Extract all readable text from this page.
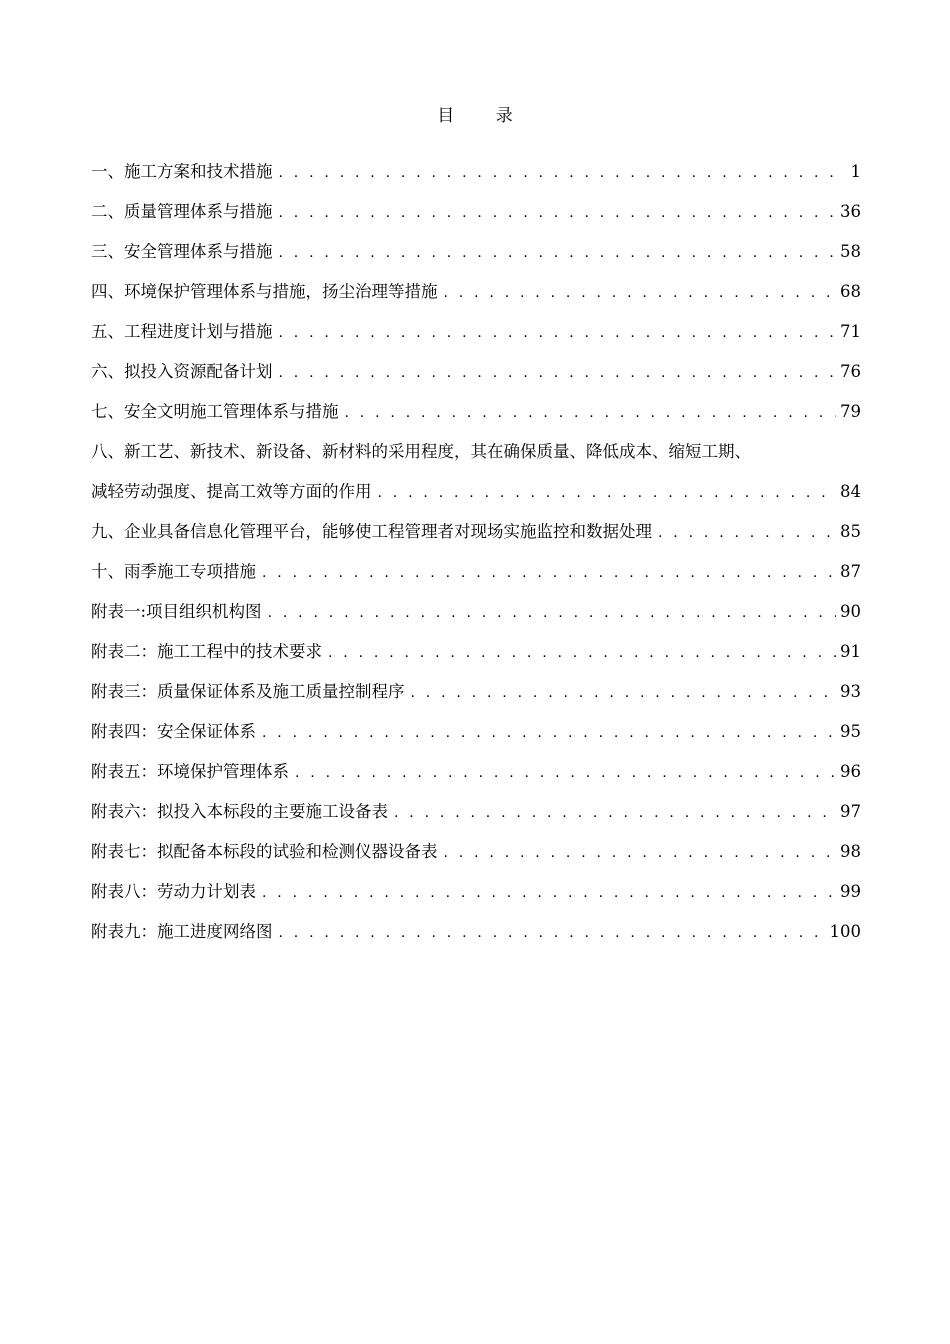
目 录
一、施工方案和技术措施 . . .	1
二、质量管理体系与措施 . . .	36
三、安全管理体系与措施 . . .	58
四、环境保护管理体系与措施，扬尘治理等措施 . . .	68
五、工程进度计划与措施 . . .	71
六、拟投入资源配备计划 . . .	76
七、安全文明施工管理体系与措施 . . .	79
八、新工艺、新技术、新设备、新材料的采用程度，其在确保质量、降低成本、缩短工期、
减轻劳动强度、提高工效等方面的作用 . . .	84
九、企业具备信息化管理平台，能够使工程管理者对现场实施监控和数据处理 . . .	85
十、雨季施工专项措施 . . .	87
附表一:项目组织机构图 . . .	90
附表二：施工工程中的技术要求 . . .	91
附表三：质量保证体系及施工质量控制程序 . . .	93
附表四：安全保证体系 . . .	95
附表五：环境保护管理体系 . . .	96
附表六：拟投入本标段的主要施工设备表 . . .	97
附表七：拟配备本标段的试验和检测仪器设备表 . . .	98
附表八：劳动力计划表 . . .	99
附表九：施工进度网络图 . . .	100
